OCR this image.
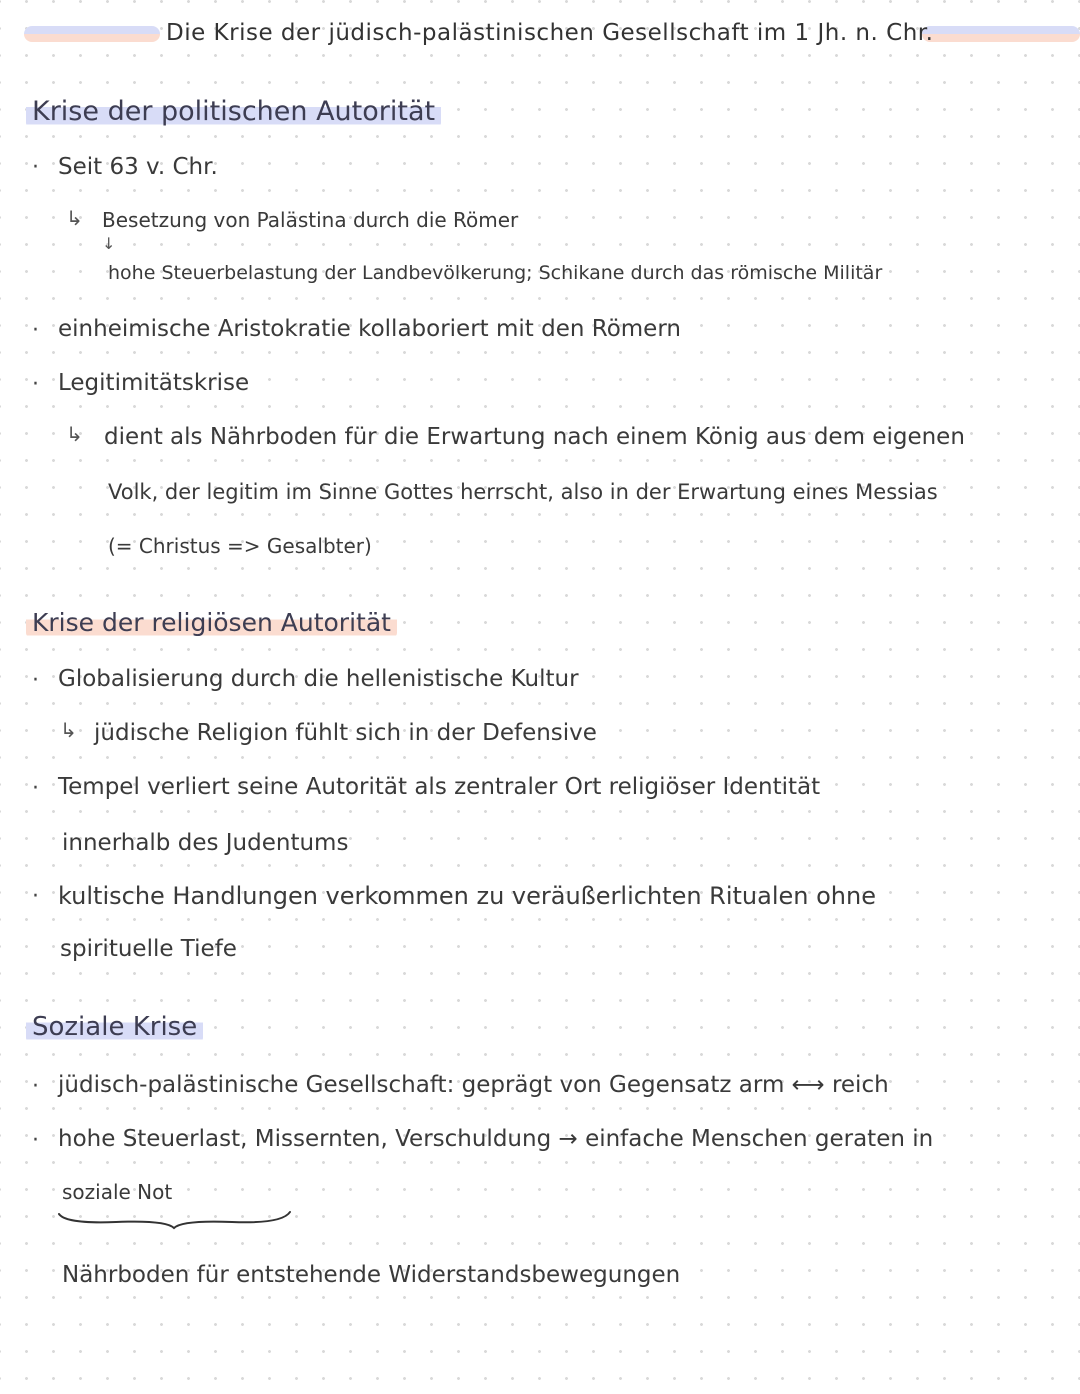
Die Krise der jüdisch-palästinischen Gesellschaft im 1 Jh. n. Chr.
Krise der politischen Autorität
· Seit 63 v. Chr.
↳ Besetzung von Palästina durch die Römer
↓
hohe Steuerbelastung der Landbevölkerung; Schikane durch das römische Militär
· einheimische Aristokratie kollaboriert mit den Römern
· Legitimitätskrise
↳ dient als Nährboden für die Erwartung nach einem König aus dem eigenen
Volk, der legitim im Sinne Gottes herrscht, also in der Erwartung eines Messias
(= Christus => Gesalbter)
Krise der religiösen Autorität
· Globalisierung durch die hellenistische Kultur
↳ jüdische Religion fühlt sich in der Defensive
· Tempel verliert seine Autorität als zentraler Ort religiöser Identität
innerhalb des Judentums
· kultische Handlungen verkommen zu veräußerlichten Ritualen ohne
spirituelle Tiefe
Soziale Krise
· jüdisch-palästinische Gesellschaft: geprägt von Gegensatz arm ⟷ reich
· hohe Steuerlast, Missernten, Verschuldung → einfache Menschen geraten in
soziale Not
Nährboden für entstehende Widerstandsbewegungen
